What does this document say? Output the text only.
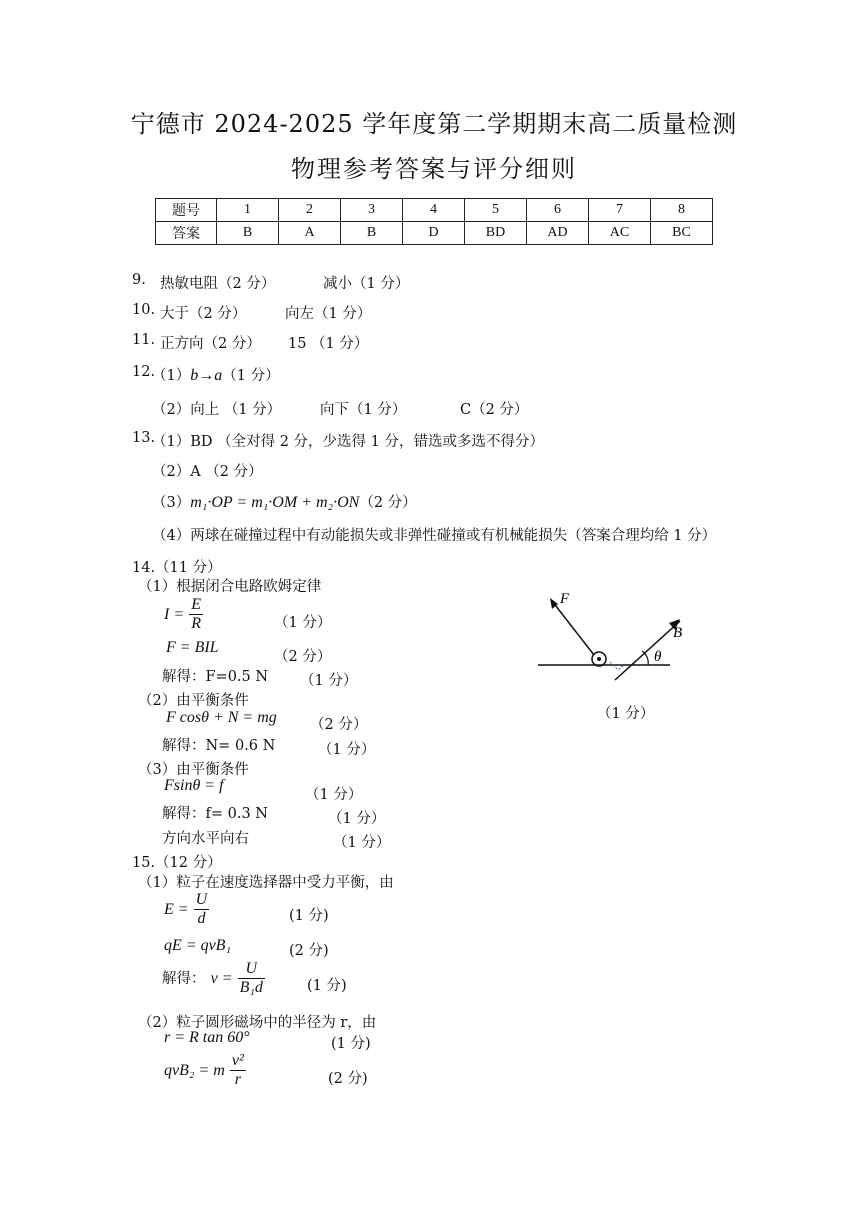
宁德市 2024-2025 学年度第二学期期末高二质量检测
物理参考答案与评分细则
题号	1	2	3	4	5	6	7	8
答案	B	A	B	D	BD	AD	AC	BC
9. 热敏电阻（2 分）	减小（1 分）
10. 大于（2 分）	向左（1 分）
11. 正方向（2 分） 15 （1 分）
12.
（1）b→a（1 分）
（2）向上 （1 分）	向下（1 分）	C（2 分）
13.
（1）BD （全对得 2 分，少选得 1 分，错选或多选不得分）
（2）A （2 分）
（3）m₁·OP = m₁·OM + m₂·ON（2 分）
（4）两球在碰撞过程中有动能损失或非弹性碰撞或有机械能损失（答案合理均给 1 分）
14.（11 分）
（1）根据闭合电路欧姆定律
$I = \frac{E}{R}$	（1 分）
F = BIL
（2 分）
解得：F=0.5 N （1 分）
（2）由平衡条件
F cosθ + N = mg （2 分）
解得：N= 0.6 N	（1 分）
（3）由平衡条件
Fsinθ = f
（1 分）
解得：f= 0.3 N	（1 分）
方向水平向右	（1 分）
F
B
θ
（1 分）
15.（12 分）
（1）粒子在速度选择器中受力平衡，由
$E = \frac{U}{d}$	(1 分)
qE = qvB₁	(2 分)
解得： $v = \frac{U}{\text{B₁d}}$	(1 分)
（2）粒子圆形磁场中的半径为 r，由
r = R tan 60°	(1 分)
qvB₂ = m $\frac{\text{v²}}{r}$	(2 分)
